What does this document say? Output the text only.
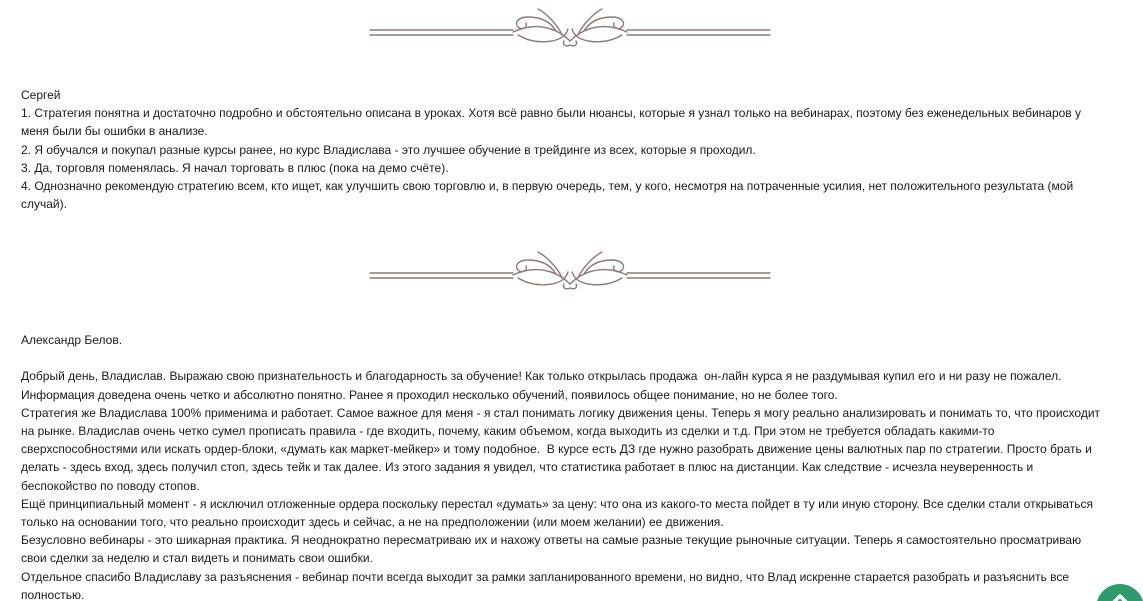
Сергей
1. Стратегия понятна и достаточно подробно и обстоятельно описана в уроках. Хотя всё равно были нюансы, которые я узнал только на вебинарах, поэтому без еженедельных вебинаров у
меня были бы ошибки в анализе.
2. Я обучался и покупал разные курсы ранее, но курс Владислава - это лучшее обучение в трейдинге из всех, которые я проходил.
3. Да, торговля поменялась. Я начал торговать в плюс (пока на демо счёте).
4. Однозначно рекомендую стратегию всем, кто ищет, как улучшить свою торговлю и, в первую очередь, тем, у кого, несмотря на потраченные усилия, нет положительного результата (мой
случай).
Александр Белов.
Добрый день, Владислав. Выражаю свою признательность и благодарность за обучение! Как только открылась продажа  он-лайн курса я не раздумывая купил его и ни разу не пожалел.
Информация доведена очень четко и абсолютно понятно. Ранее я проходил несколько обучений, появилось общее понимание, но не более того.
Стратегия же Владислава 100% применима и работает. Самое важное для меня - я стал понимать логику движения цены. Теперь я могу реально анализировать и понимать то, что происходит
на рынке. Владислав очень четко сумел прописать правила - где входить, почему, каким объемом, когда выходить из сделки и т.д. При этом не требуется обладать какими-то
сверхспособностями или искать ордер-блоки, «думать как маркет-мейкер» и тому подобное.  В курсе есть ДЗ где нужно разобрать движение цены валютных пар по стратегии. Просто брать и
делать - здесь вход, здесь получил стоп, здесь тейк и так далее. Из этого задания я увидел, что статистика работает в плюс на дистанции. Как следствие - исчезла неуверенность и
беспокойство по поводу стопов.
Ещё принципиальный момент - я исключил отложенные ордера поскольку перестал «думать» за цену: что она из какого-то места пойдет в ту или иную сторону. Все сделки стали открываться
только на основании того, что реально происходит здесь и сейчас, а не на предположении (или моем желании) ее движения.
Безусловно вебинары - это шикарная практика. Я неоднократно пересматриваю их и нахожу ответы на самые разные текущие рыночные ситуации. Теперь я самостоятельно просматриваю
свои сделки за неделю и стал видеть и понимать свои ошибки.
Отдельное спасибо Владиславу за разъяснения - вебинар почти всегда выходит за рамки запланированного времени, но видно, что Влад искренне старается разобрать и разъяснить все
полностью.
